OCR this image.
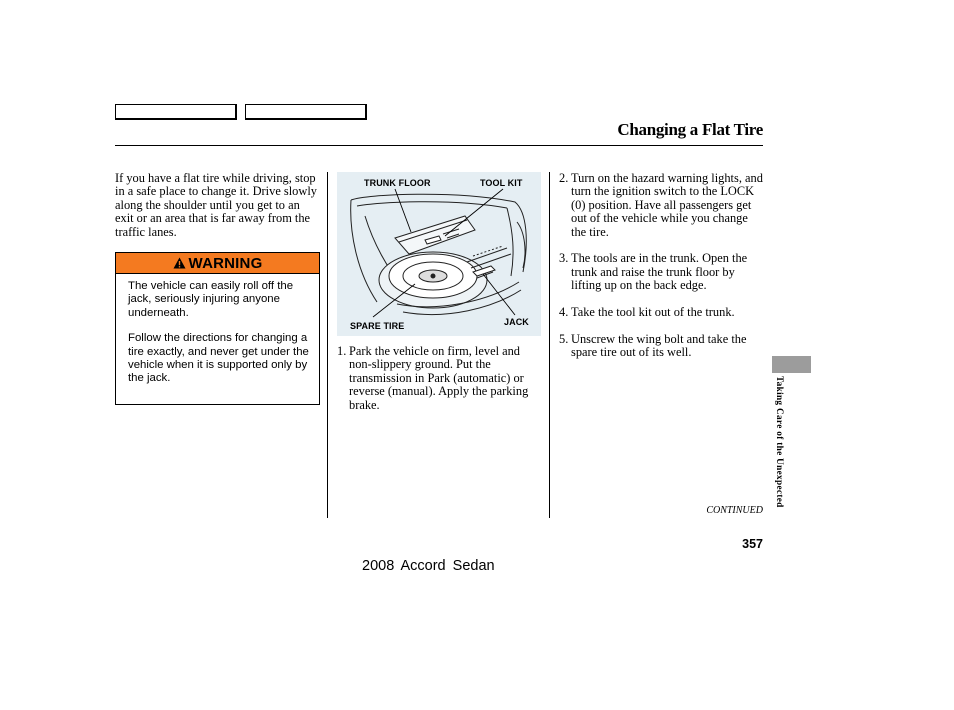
Changing a Flat Tire
If you have a flat tire while driving, stop in a safe place to change it. Drive slowly along the shoulder until you get to an exit or an area that is far away from the traffic lanes.
WARNING

The vehicle can easily roll off the jack, seriously injuring anyone underneath.

Follow the directions for changing a tire exactly, and never get under the vehicle when it is supported only by the jack.

TRUNK FLOOR	TOOL KIT
SPARE TIRE	JACK
1. Park the vehicle on firm, level and non-slippery ground. Put the transmission in Park (automatic) or reverse (manual). Apply the parking brake.
2. Turn on the hazard warning lights, and turn the ignition switch to the LOCK (0) position. Have all passengers get out of the vehicle while you change the tire.
3. The tools are in the trunk. Open the trunk and raise the trunk floor by lifting up on the back edge.
4. Take the tool kit out of the trunk.
5. Unscrew the wing bolt and take the spare tire out of its well.
Taking Care of the Unexpected
CONTINUED
357
2008 Accord Sedan
